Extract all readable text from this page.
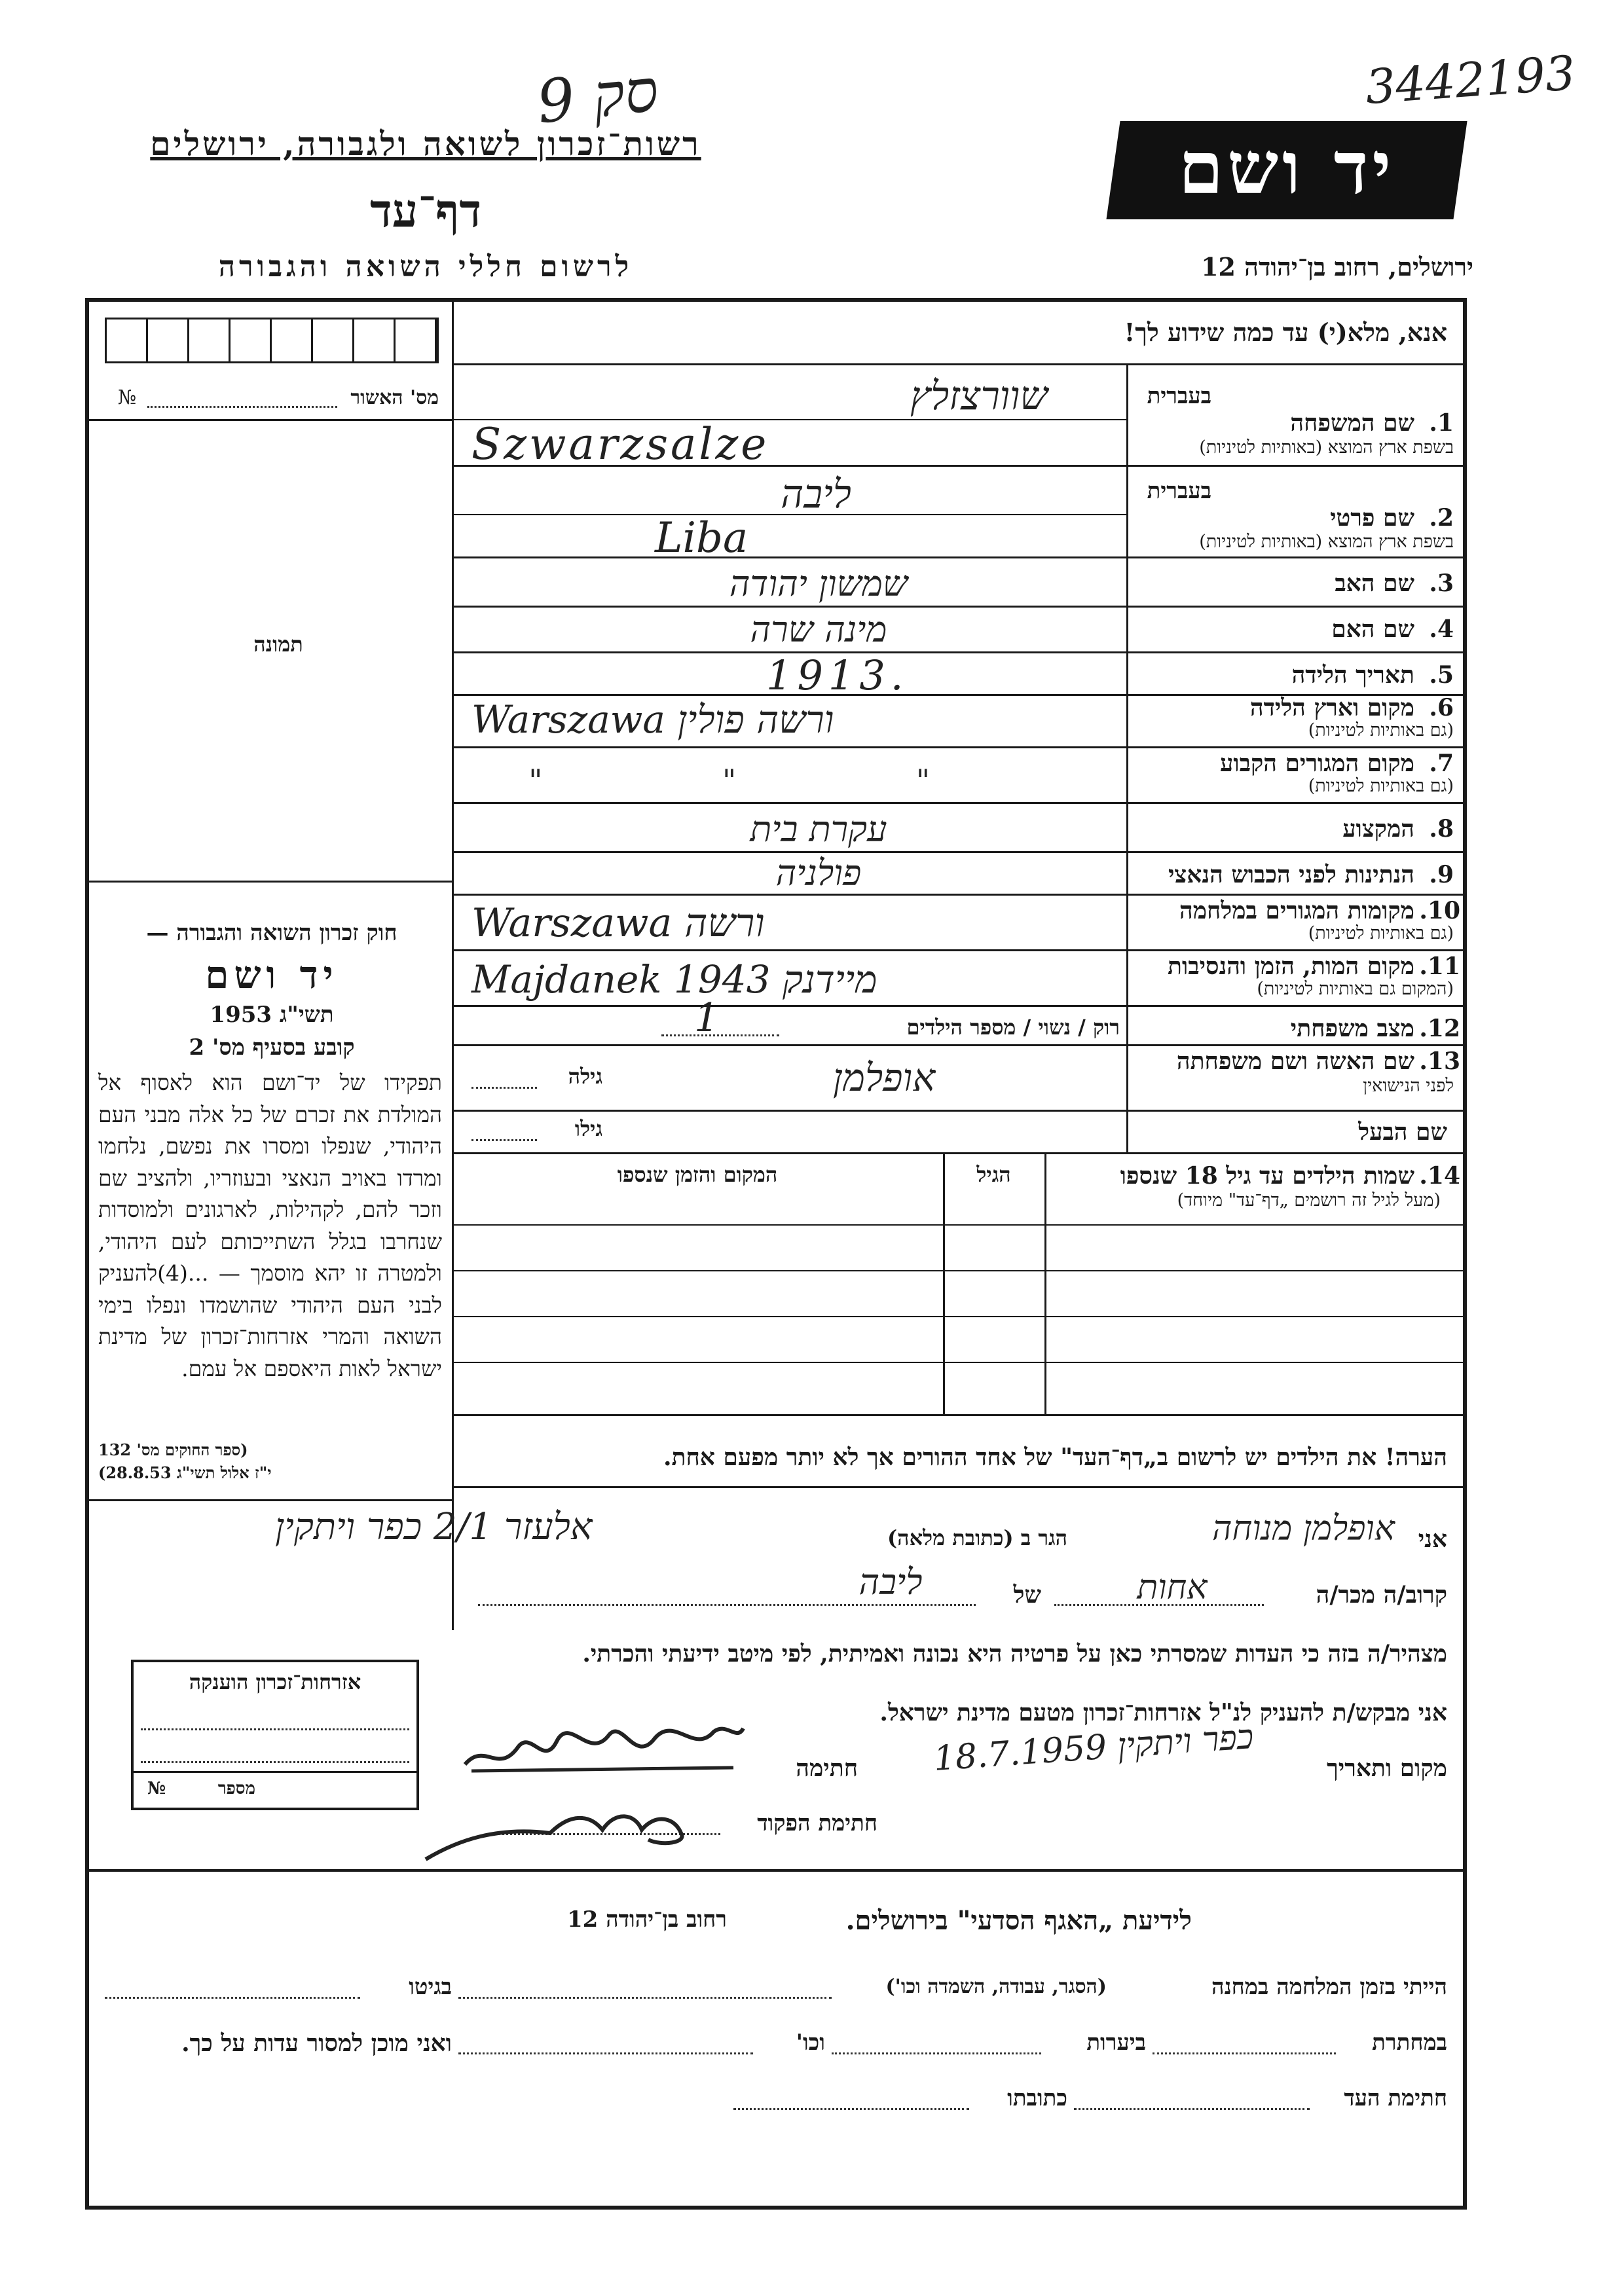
סק 9	3442193
רשות־זכרון לשואה ולגבורה, ירושלים
דף־עד
לרשום חללי השואה והגבורה
יד ושם
ירושלים, רחוב בן־יהודה 12
אנא, מלא(י) עד כמה שידוע לך!
מס' האשור
№
תמונה
חוק זכרון השואה והגבורה —
יד ושם
תשי"ג 1953
קובע בסעיף מס' 2
תפקידו של יד־ושם הוא לאסוף אל המולדת את זכרם של כל אלה מבני העם היהודי, שנפלו ומסרו את נפשם, נלחמו ומרדו באויב הנאצי ובעוזריו, ולהציב שם וזכר להם, לקהילות, לארגונים ולמוסדות שנחרבו בגלל השתייכותם לעם היהודי, ולמטרה זו יהא מוסמך — ...(4)להעניק לבני העם היהודי שהושמדו ונפלו בימי השואה והמרי אזרחות־זכרון של מדינת ישראל לאות היאספם אל עמם.
(ספר החוקים מס' 132
י"ז אלול תשי"ג 28.8.53)
בעברית
1.
שם המשפחה
בשפת ארץ המוצא (באותיות לטיניות)
שוורצזלץ
Szwarzsalze
בעברית
2.
שם פרטי
בשפת ארץ המוצא (באותיות לטיניות)
ליבה
Liba
3.
שם האב
שמשון יהודה
4.
שם האם
מינה שרה
5.
תאריך הלידה
1913.
6.
מקום וארץ הלידה
(גם באותיות לטיניות)
ורשה פולין Warszawa
7.
מקום המגורים הקבוע
(גם באותיות לטיניות)
" " "
8.
המקצוע
עקרת בית
9.
הנתינות לפני הכבוש הנאצי
פולניה
10.
מקומות המגורים במלחמה
(גם באותיות לטיניות)
ורשה Warszawa
11.
מקום המות, הזמן והנסיבות
(המקום גם באותיות לטיניות)
מיידנק 1943 Majdanek
12.
מצב משפחתי
רוק / נשוי / מספר הילדים
1
13.
שם האשה ושם משפחתה
לפני הנישואין
גילה	אופלמן
שם הבעל
גילו
14.
שמות הילדים עד גיל 18 שנספו
(מעל לגיל זה רושמים „דף־עד" מיוחד)
הגיל
המקום והזמן שנספו
הערה! את הילדים יש לרשום ב„דף־העד" של אחד ההורים אך לא יותר מפעם אחת.
אני
אופלמן מנוחה
הגר ב (כתובת מלאה)
אלעזר 2/1 כפר ויתקין
קרוב/ה מכר/ה
אחות
של
ליבה
מצהיר/ה בזה כי העדות שמסרתי כאן על פרטיה היא נכונה ואמיתית, לפי מיטב ידיעתי והכרתי.
אני מבקש/ת להעניק לנ"ל אזרחות־זכרון מטעם מדינת ישראל.
מקום ותאריך
כפר ויתקין 18.7.1959
חתימה
חתימת הפקוד
אזרחות־זכרון הוענקה
מספר
№
לידיעת „האגף הסדעי" בירושלים.
רחוב בן־יהודה 12
הייתי בזמן המלחמה במחנה
(הסגר, עבודה, השמדה וכו')
בגיטו
במחתרת
ביערות
וכו'
ואני מוכן למסור עדות על כך.
חתימת העד
כתובתו
